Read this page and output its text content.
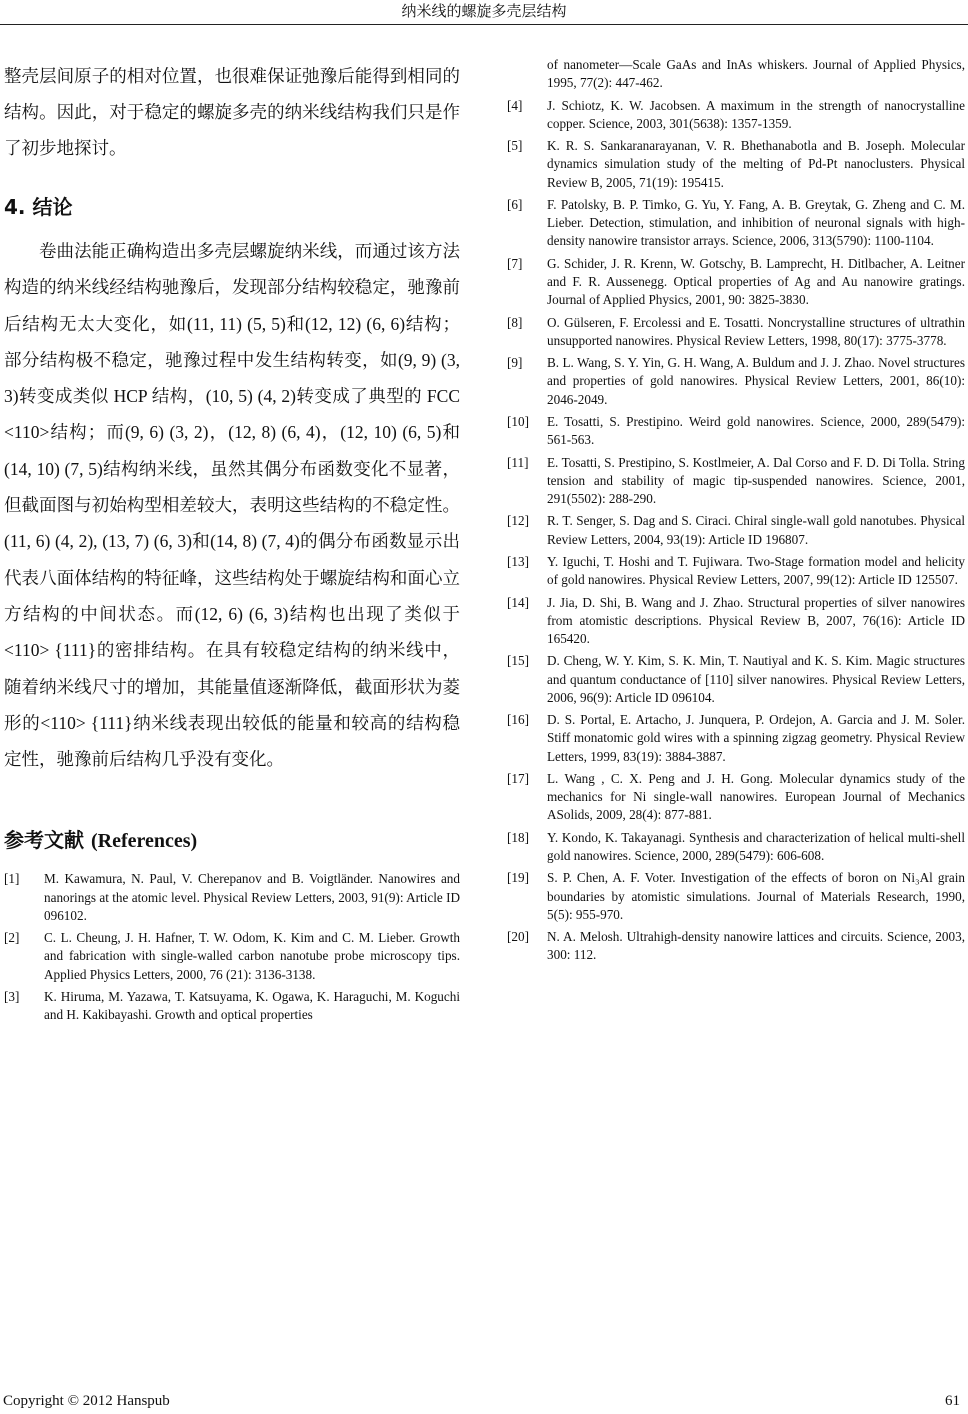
纳米线的螺旋多壳层结构

整壳层间原子的相对位置，也很难保证弛豫后能得到相同的结构。因此，对于稳定的螺旋多壳的纳米线结构我们只是作了初步地探讨。

4. 结论

卷曲法能正确构造出多壳层螺旋纳米线，而通过该方法构造的纳米线经结构驰豫后，发现部分结构较稳定，驰豫前后结构无太大变化，如(11, 11) (5, 5)和(12, 12) (6, 6)结构；部分结构极不稳定，驰豫过程中发生结构转变，如(9, 9) (3, 3)转变成类似 HCP 结构，(10, 5) (4, 2)转变成了典型的 FCC <110>结构；而(9, 6) (3, 2)，(12, 8) (6, 4)，(12, 10) (6, 5)和(14, 10) (7, 5)结构纳米线，虽然其偶分布函数变化不显著，但截面图与初始构型相差较大，表明这些结构的不稳定性。(11, 6) (4, 2), (13, 7) (6, 3)和(14, 8) (7, 4)的偶分布函数显示出代表八面体结构的特征峰，这些结构处于螺旋结构和面心立方结构的中间状态。而(12, 6) (6, 3)结构也出现了类似于<110> {111}的密排结构。在具有较稳定结构的纳米线中，随着纳米线尺寸的增加，其能量值逐渐降低，截面形状为菱形的<110> {111}纳米线表现出较低的能量和较高的结构稳定性，驰豫前后结构几乎没有变化。

参考文献 (References)
[1]	M. Kawamura, N. Paul, V. Cherepanov and B. Voigtländer. Nanowires and nanorings at the atomic level. Physical Review Letters, 2003, 91(9): Article ID 096102.
[2]	C. L. Cheung, J. H. Hafner, T. W. Odom, K. Kim and C. M. Lieber. Growth and fabrication with single-walled carbon nanotube probe microscopy tips. Applied Physics Letters, 2000, 76 (21): 3136-3138.
[3]	K. Hiruma, M. Yazawa, T. Katsuyama, K. Ogawa, K. Haraguchi, M. Koguchi and H. Kakibayashi. Growth and optical properties
of nanometer—Scale GaAs and InAs whiskers. Journal of Applied Physics, 1995, 77(2): 447-462.
[4]	J. Schiotz, K. W. Jacobsen. A maximum in the strength of nanocrystalline copper. Science, 2003, 301(5638): 1357-1359.
[5]	K. R. S. Sankaranarayanan, V. R. Bhethanabotla and B. Joseph. Molecular dynamics simulation study of the melting of Pd-Pt nanoclusters. Physical Review B, 2005, 71(19): 195415.
[6]	F. Patolsky, B. P. Timko, G. Yu, Y. Fang, A. B. Greytak, G. Zheng and C. M. Lieber. Detection, stimulation, and inhibition of neuronal signals with high-density nanowire transistor arrays. Science, 2006, 313(5790): 1100-1104.
[7]	G. Schider, J. R. Krenn, W. Gotschy, B. Lamprecht, H. Ditlbacher, A. Leitner and F. R. Aussenegg. Optical properties of Ag and Au nanowire gratings. Journal of Applied Physics, 2001, 90: 3825-3830.
[8]	O. Gülseren, F. Ercolessi and E. Tosatti. Noncrystalline structures of ultrathin unsupported nanowires. Physical Review Letters, 1998, 80(17): 3775-3778.
[9]	B. L. Wang, S. Y. Yin, G. H. Wang, A. Buldum and J. J. Zhao. Novel structures and properties of gold nanowires. Physical Review Letters, 2001, 86(10): 2046-2049.
[10]	E. Tosatti, S. Prestipino. Weird gold nanowires. Science, 2000, 289(5479): 561-563.
[11]	E. Tosatti, S. Prestipino, S. Kostlmeier, A. Dal Corso and F. D. Di Tolla. String tension and stability of magic tip-suspended nanowires. Science, 2001, 291(5502): 288-290.
[12]	R. T. Senger, S. Dag and S. Ciraci. Chiral single-wall gold nanotubes. Physical Review Letters, 2004, 93(19): Article ID 196807.
[13]	Y. Iguchi, T. Hoshi and T. Fujiwara. Two-Stage formation model and helicity of gold nanowires. Physical Review Letters, 2007, 99(12): Article ID 125507.
[14]	J. Jia, D. Shi, B. Wang and J. Zhao. Structural properties of silver nanowires from atomistic descriptions. Physical Review B, 2007, 76(16): Article ID 165420.
[15]	D. Cheng, W. Y. Kim, S. K. Min, T. Nautiyal and K. S. Kim. Magic structures and quantum conductance of [110] silver nanowires. Physical Review Letters, 2006, 96(9): Article ID 096104.
[16]	D. S. Portal, E. Artacho, J. Junquera, P. Ordejon, A. Garcia and J. M. Soler. Stiff monatomic gold wires with a spinning zigzag geometry. Physical Review Letters, 1999, 83(19): 3884-3887.
[17]	L. Wang , C. X. Peng and J. H. Gong. Molecular dynamics study of the mechanics for Ni single-wall nanowires. European Journal of Mechanics ASolids, 2009, 28(4): 877-881.
[18]	Y. Kondo, K. Takayanagi. Synthesis and characterization of helical multi-shell gold nanowires. Science, 2000, 289(5479): 606-608.
[19]	S. P. Chen, A. F. Voter. Investigation of the effects of boron on Ni₃Al grain boundaries by atomistic simulations. Journal of Materials Research, 1990, 5(5): 955-970.
[20]	N. A. Melosh. Ultrahigh-density nanowire lattices and circuits. Science, 2003, 300: 112.
Copyright © 2012 Hanspub	61
